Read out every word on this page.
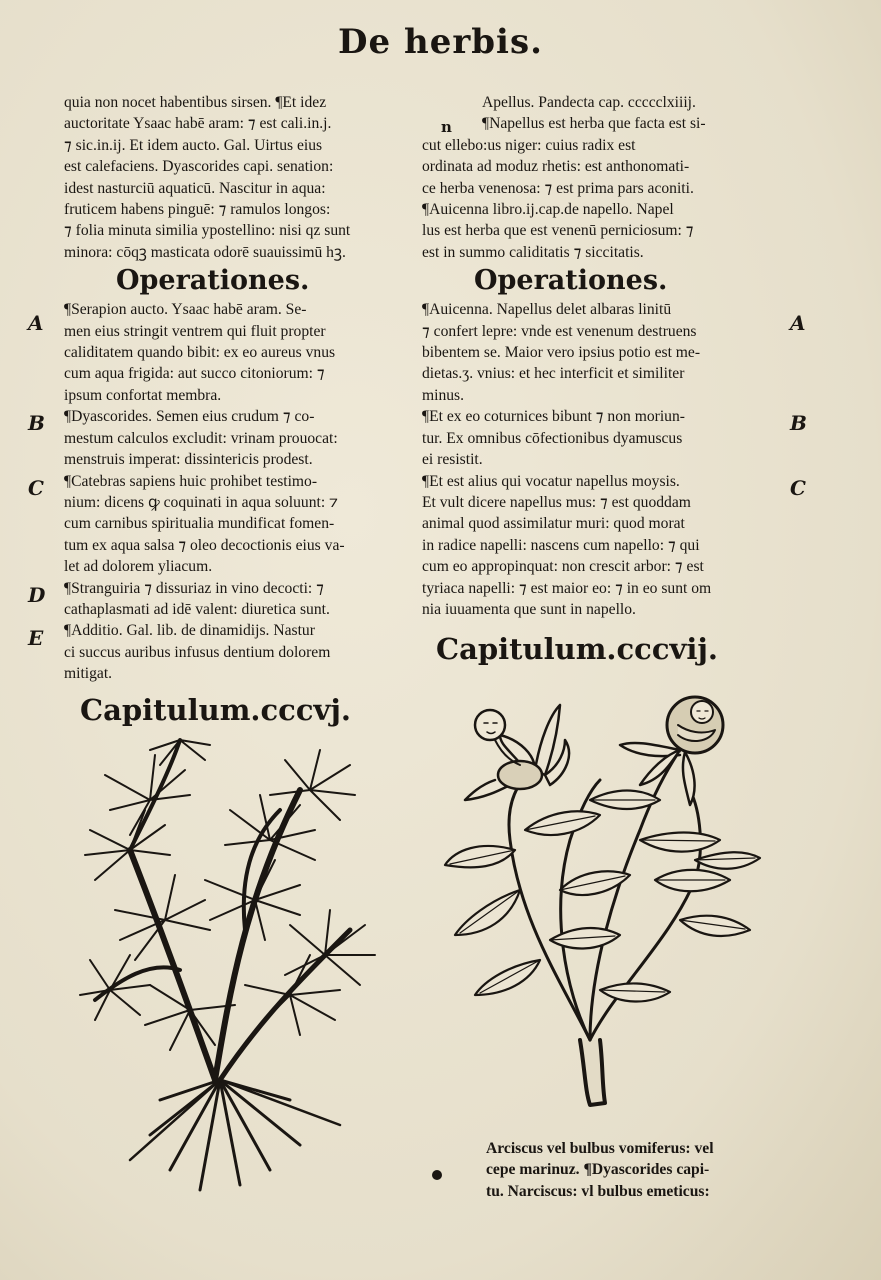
De herbis.
quia non nocet habentibus sirsen. ¶Et idez
auctoritate Ysaac habē aram: ⁊ est cali.in.j.
⁊ sic.in.ij. Et idem aucto. Gal. Uirtus eius
est calefaciens. Dyascorides capi. senation:
idest nasturciū aquaticū. Nascitur in aqua:
fruticem habens pinguē: ⁊ ramulos longos:
⁊ folia minuta similia ypostellino: nisi qz sunt
minora: cōqꝫ masticata odorē suauissimū hꝫ.
Operationes.
¶Serapion aucto. Ysaac habē aram. Se-
men eius stringit ventrem qui fluit propter
caliditatem quando bibit: ex eo aureus vnus
cum aqua frigida: aut succo citoniorum: ⁊
ipsum confortat membra.
¶Dyascorides. Semen eius crudum ⁊ co-
mestum calculos excludit: vrinam prouocat:
menstruis imperat: dissintericis prodest.
¶Catebras sapiens huic prohibet testimo-
nium: dicens ꝙ coquinati in aqua soluunt: ⁊
cum carnibus spiritualia mundificat fomen-
tum ex aqua salsa ⁊ oleo decoctionis eius va-
let ad dolorem yliacum.
¶Stranguiria ⁊ dissuriaz in vino decocti: ⁊
cathaplasmati ad idē valent: diuretica sunt.
¶Additio. Gal. lib. de dinamidijs. Nastur
ci succus auribus infusus dentium dolorem
mitigat.
Capitulum.cccvj.
A
B
C
D
E
Apellus. Pandecta cap. ccccclxiiij.
¶Napellus est herba que facta est si-
cut ellebo:us niger: cuius radix est
ordinata ad moduz rhetis: est anthonomati-
ce herba venenosa: ⁊ est prima pars aconiti.
¶Auicenna libro.ij.cap.de napello. Napel
lus est herba que est venenū perniciosum: ⁊
est in summo caliditatis ⁊ siccitatis.
Operationes.
¶Auicenna. Napellus delet albaras linitū
⁊ confert lepre: vnde est venenum destruens
bibentem se. Maior vero ipsius potio est me-
dietas.ʒ. vnius: et hec interficit et similiter
minus.
¶Et ex eo coturnices bibunt ⁊ non moriun-
tur. Ex omnibus cōfectionibus dyamuscus
ei resistit.
¶Et est alius qui vocatur napellus moysis.
Et vult dicere napellus mus: ⁊ est quoddam
animal quod assimilatur muri: quod morat
in radice napelli: nascens cum napello: ⁊ qui
cum eo appropinquat: non crescit arbor: ⁊ est
tyriaca napelli: ⁊ est maior eo: ⁊ in eo sunt om
nia iuuamenta que sunt in napello.
Capitulum.cccvij.
n
A
B
C
Arciscus vel bulbus vomiferus: vel
cepe marinuz. ¶Dyascorides capi-
tu. Narciscus: vl bulbus emeticus:
